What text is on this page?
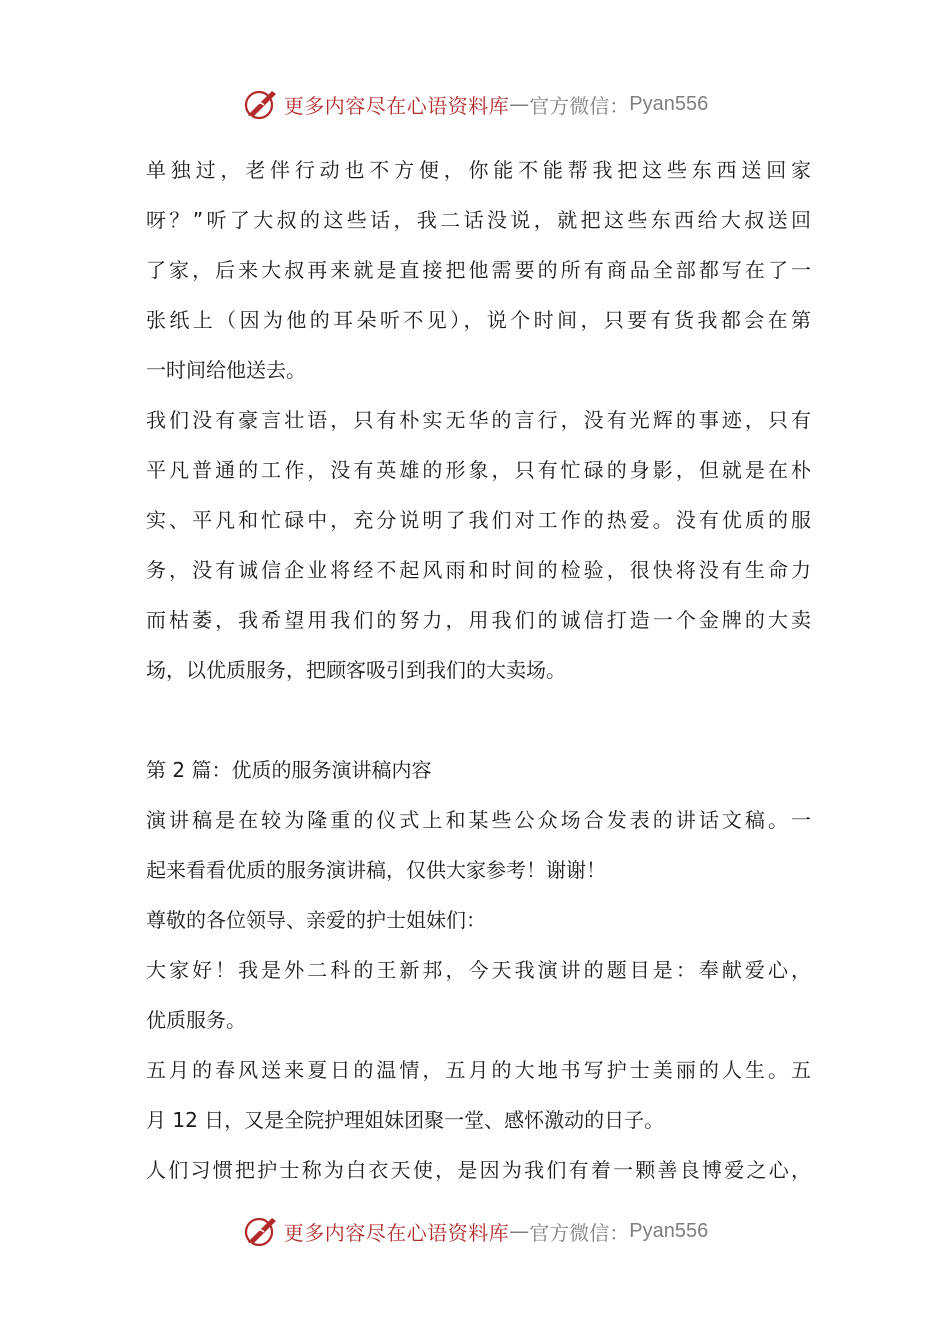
更多内容尽在心语资料库 — 官方微信： Pyan556
单独过，老伴行动也不方便，你能不能帮我把这些东西送回家
呀？”听了大叔的这些话，我二话没说，就把这些东西给大叔送回
了家，后来大叔再来就是直接把他需要的所有商品全部都写在了一
张纸上（因为他的耳朵听不见），说个时间，只要有货我都会在第
一时间给他送去。
我们没有豪言壮语，只有朴实无华的言行，没有光辉的事迹，只有
平凡普通的工作，没有英雄的形象，只有忙碌的身影，但就是在朴
实、平凡和忙碌中，充分说明了我们对工作的热爱。没有优质的服
务，没有诚信企业将经不起风雨和时间的检验，很快将没有生命力
而枯萎，我希望用我们的努力，用我们的诚信打造一个金牌的大卖
场，以优质服务，把顾客吸引到我们的大卖场。
第 2 篇：优质的服务演讲稿内容
演讲稿是在较为隆重的仪式上和某些公众场合发表的讲话文稿。一
起来看看优质的服务演讲稿，仅供大家参考！谢谢！
尊敬的各位领导、亲爱的护士姐妹们：
大家好！我是外二科的王新邦，今天我演讲的题目是：奉献爱心，
优质服务。
五月的春风送来夏日的温情，五月的大地书写护士美丽的人生。五
月 12 日，又是全院护理姐妹团聚一堂、感怀激动的日子。
人们习惯把护士称为白衣天使，是因为我们有着一颗善良博爱之心，
更多内容尽在心语资料库 — 官方微信： Pyan556
